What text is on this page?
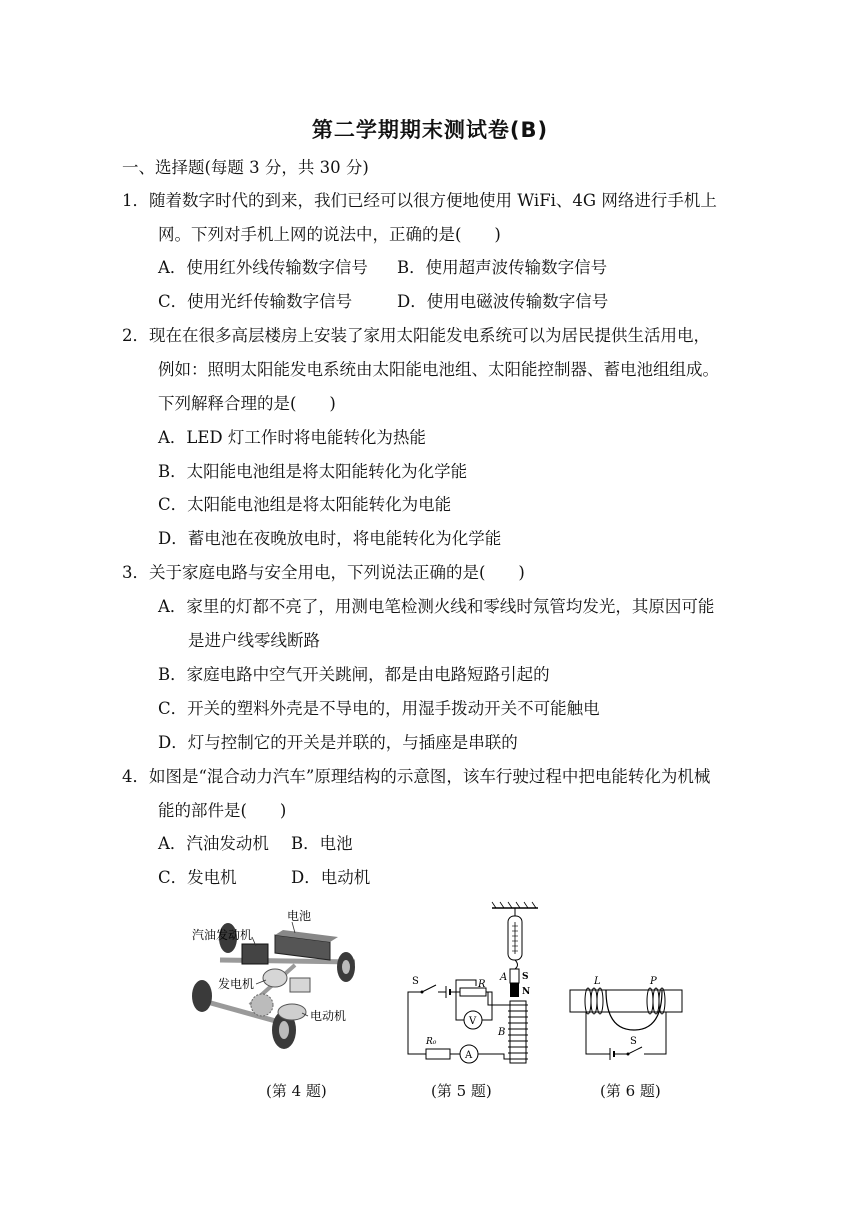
第二学期期末测试卷(B)
一、选择题(每题 3 分，共 30 分)
1．随着数字时代的到来，我们已经可以很方便地使用 WiFi、4G 网络进行手机上
网。下列对手机上网的说法中，正确的是(　　)
A．使用红外线传输数字信号 B．使用超声波传输数字信号
C．使用光纤传输数字信号	D．使用电磁波传输数字信号
2．现在在很多高层楼房上安装了家用太阳能发电系统可以为居民提供生活用电，
例如：照明太阳能发电系统由太阳能电池组、太阳能控制器、蓄电池组组成。
下列解释合理的是(　　)
A．LED 灯工作时将电能转化为热能
B．太阳能电池组是将太阳能转化为化学能
C．太阳能电池组是将太阳能转化为电能
D．蓄电池在夜晚放电时，将电能转化为化学能
3．关于家庭电路与安全用电，下列说法正确的是(　　)
A．家里的灯都不亮了，用测电笔检测火线和零线时氖管均发光，其原因可能
是进户线零线断路
B．家庭电路中空气开关跳闸，都是由电路短路引起的
C．开关的塑料外壳是不导电的，用湿手拨动开关不可能触电
D．灯与控制它的开关是并联的，与插座是串联的
4．如图是“混合动力汽车”原理结构的示意图，该车行驶过程中把电能转化为机械
能的部件是(　　)
A．汽油发动机 B．电池
C．发电机	D．电动机
汽油发动机
电池
发电机
电动机
A S
N
B
S	R
V
R₀
A
L	P
S
(第 4 题)	(第 5 题)	(第 6 题)
